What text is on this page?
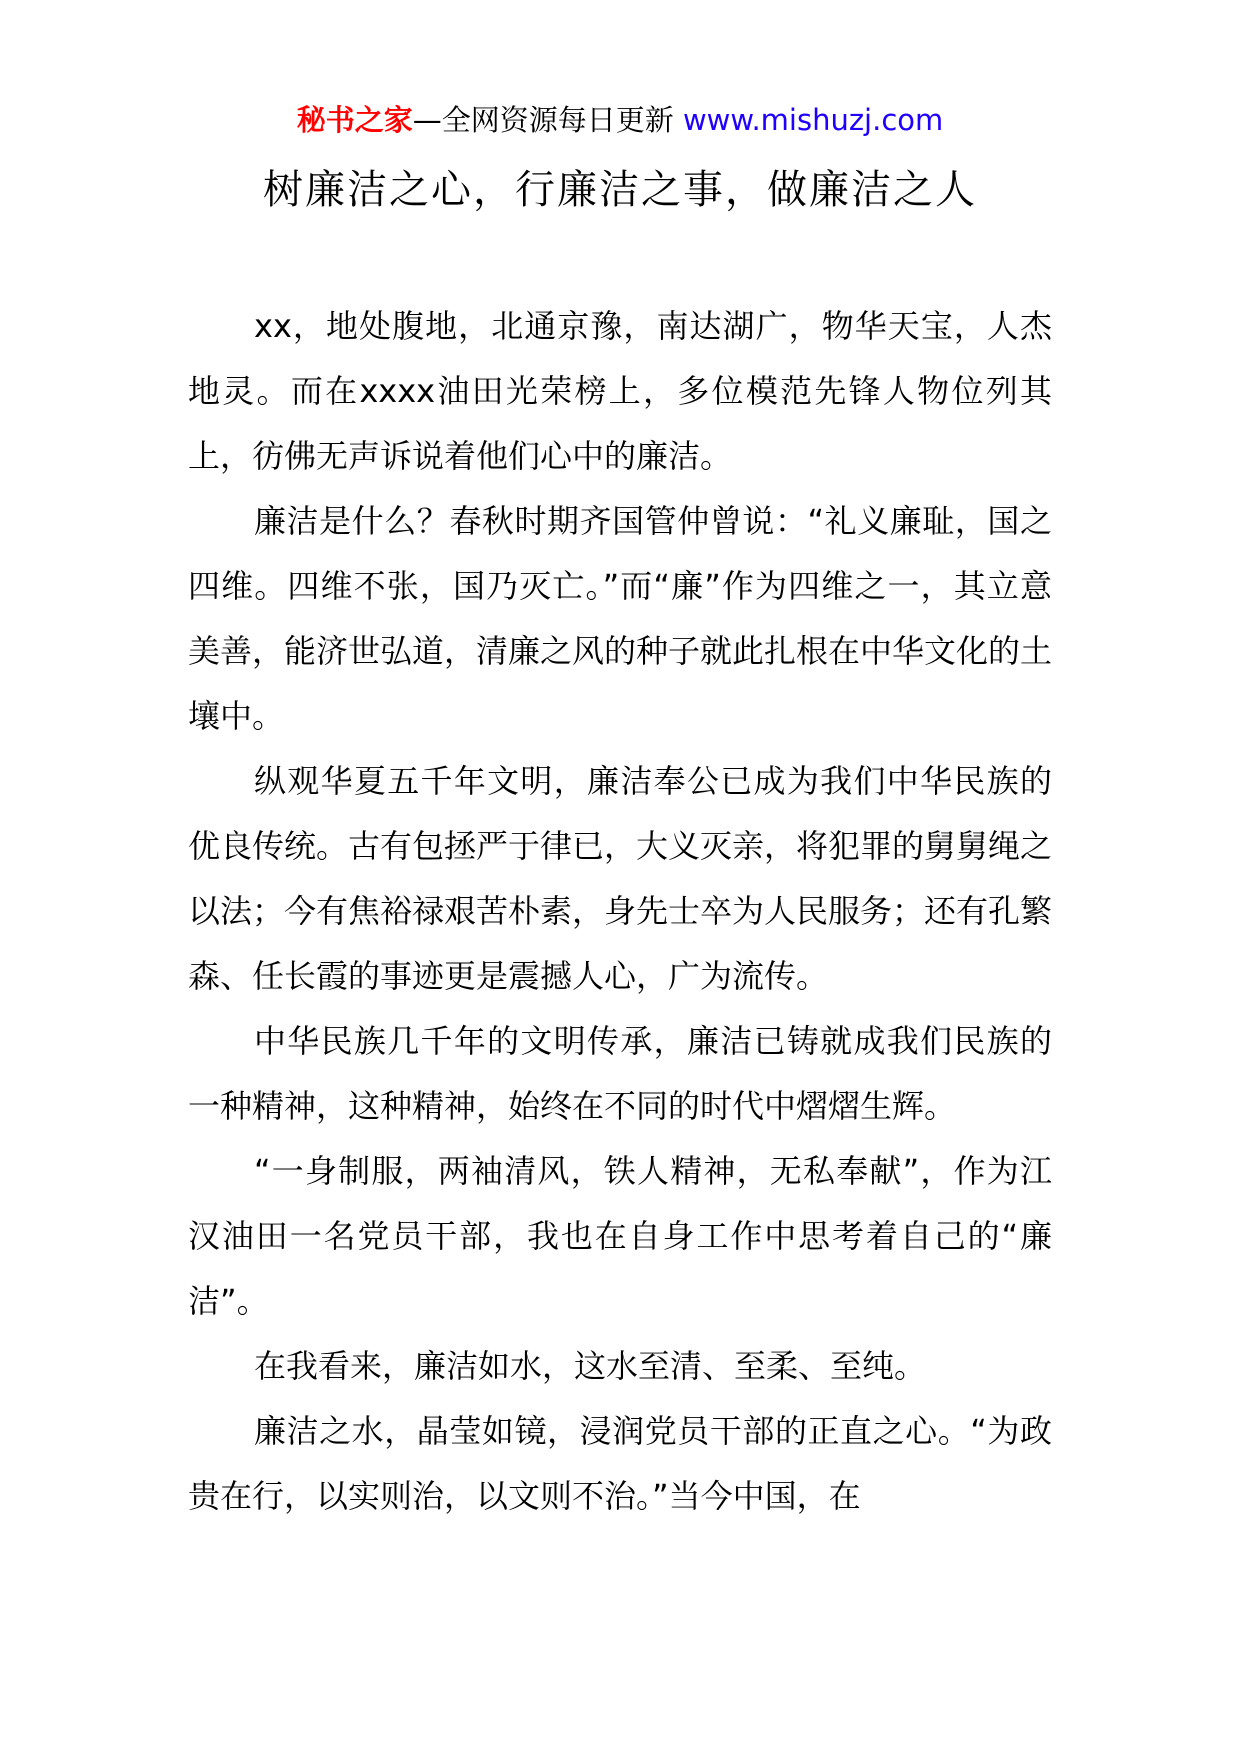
秘书之家—全网资源每日更新 www.mishuzj.com
树廉洁之心，行廉洁之事，做廉洁之人

xx，地处腹地，北通京豫，南达湖广，物华天宝，人杰地灵。而在xxxx油田光荣榜上，多位模范先锋人物位列其上，彷佛无声诉说着他们心中的廉洁。

廉洁是什么？春秋时期齐国管仲曾说：“礼义廉耻，国之四维。四维不张，国乃灭亡。”而“廉”作为四维之一，其立意美善，能济世弘道，清廉之风的种子就此扎根在中华文化的土壤中。

纵观华夏五千年文明，廉洁奉公已成为我们中华民族的优良传统。古有包拯严于律已，大义灭亲，将犯罪的舅舅绳之以法；今有焦裕禄艰苦朴素，身先士卒为人民服务；还有孔繁森、任长霞的事迹更是震撼人心，广为流传。

中华民族几千年的文明传承，廉洁已铸就成我们民族的一种精神，这种精神，始终在不同的时代中熠熠生辉。

“一身制服，两袖清风，铁人精神，无私奉献”，作为江汉油田一名党员干部，我也在自身工作中思考着自己的“廉洁”。

在我看来，廉洁如水，这水至清、至柔、至纯。

廉洁之水，晶莹如镜，浸润党员干部的正直之心。“为政贵在行，以实则治，以文则不治。”当今中国，在
